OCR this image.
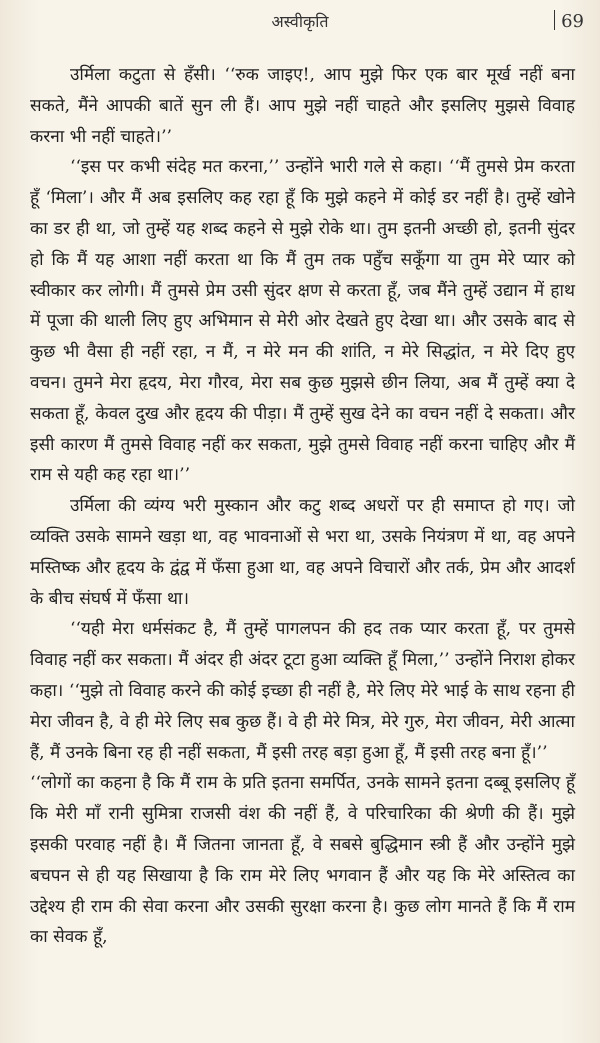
अस्वीकृति	69

उर्मिला कटुता से हँसी। ‘‘रुक जाइए!, आप मुझे फिर एक बार मूर्ख नहीं बना सकते, मैंने आपकी बातें सुन ली हैं। आप मुझे नहीं चाहते और इसलिए मुझसे विवाह करना भी नहीं चाहते।’’

‘‘इस पर कभी संदेह मत करना,’’ उन्होंने भारी गले से कहा। ‘‘मैं तुमसे प्रेम करता हूँ ‘मिला’। और मैं अब इसलिए कह रहा हूँ कि मुझे कहने में कोई डर नहीं है। तुम्हें खोने का डर ही था, जो तुम्हें यह शब्द कहने से मुझे रोके था। तुम इतनी अच्छी हो, इतनी सुंदर हो कि मैं यह आशा नहीं करता था कि मैं तुम तक पहुँच सकूँगा या तुम मेरे प्यार को स्वीकार कर लोगी। मैं तुमसे प्रेम उसी सुंदर क्षण से करता हूँ, जब मैंने तुम्हें उद्यान में हाथ में पूजा की थाली लिए हुए अभिमान से मेरी ओर देखते हुए देखा था। और उसके बाद से कुछ भी वैसा ही नहीं रहा, न मैं, न मेरे मन की शांति, न मेरे सिद्धांत, न मेरे दिए हुए वचन। तुमने मेरा हृदय, मेरा गौरव, मेरा सब कुछ मुझसे छीन लिया, अब मैं तुम्हें क्या दे सकता हूँ, केवल दुख और हृदय की पीड़ा। मैं तुम्हें सुख देने का वचन नहीं दे सकता। और इसी कारण मैं तुमसे विवाह नहीं कर सकता, मुझे तुमसे विवाह नहीं करना चाहिए और मैं राम से यही कह रहा था।’’

उर्मिला की व्यंग्य भरी मुस्कान और कटु शब्द अधरों पर ही समाप्त हो गए। जो व्यक्ति उसके सामने खड़ा था, वह भावनाओं से भरा था, उसके नियंत्रण में था, वह अपने मस्तिष्क और हृदय के द्वंद्व में फँसा हुआ था, वह अपने विचारों और तर्क, प्रेम और आदर्श के बीच संघर्ष में फँसा था।

‘‘यही मेरा धर्मसंकट है, मैं तुम्हें पागलपन की हद तक प्यार करता हूँ, पर तुमसे विवाह नहीं कर सकता। मैं अंदर ही अंदर टूटा हुआ व्यक्ति हूँ मिला,’’ उन्होंने निराश होकर कहा। ‘‘मुझे तो विवाह करने की कोई इच्छा ही नहीं है, मेरे लिए मेरे भाई के साथ रहना ही मेरा जीवन है, वे ही मेरे लिए सब कुछ हैं। वे ही मेरे मित्र, मेरे गुरु, मेरा जीवन, मेरी आत्मा हैं, मैं उनके बिना रह ही नहीं सकता, मैं इसी तरह बड़ा हुआ हूँ, मैं इसी तरह बना हूँ।’’

‘‘लोगों का कहना है कि मैं राम के प्रति इतना समर्पित, उनके सामने इतना दब्बू इसलिए हूँ कि मेरी माँ रानी सुमित्रा राजसी वंश की नहीं हैं, वे परिचारिका की श्रेणी की हैं। मुझे इसकी परवाह नहीं है। मैं जितना जानता हूँ, वे सबसे बुद्धिमान स्त्री हैं और उन्होंने मुझे बचपन से ही यह सिखाया है कि राम मेरे लिए भगवान हैं और यह कि मेरे अस्तित्व का उद्देश्य ही राम की सेवा करना और उसकी सुरक्षा करना है। कुछ लोग मानते हैं कि मैं राम का सेवक हूँ,
